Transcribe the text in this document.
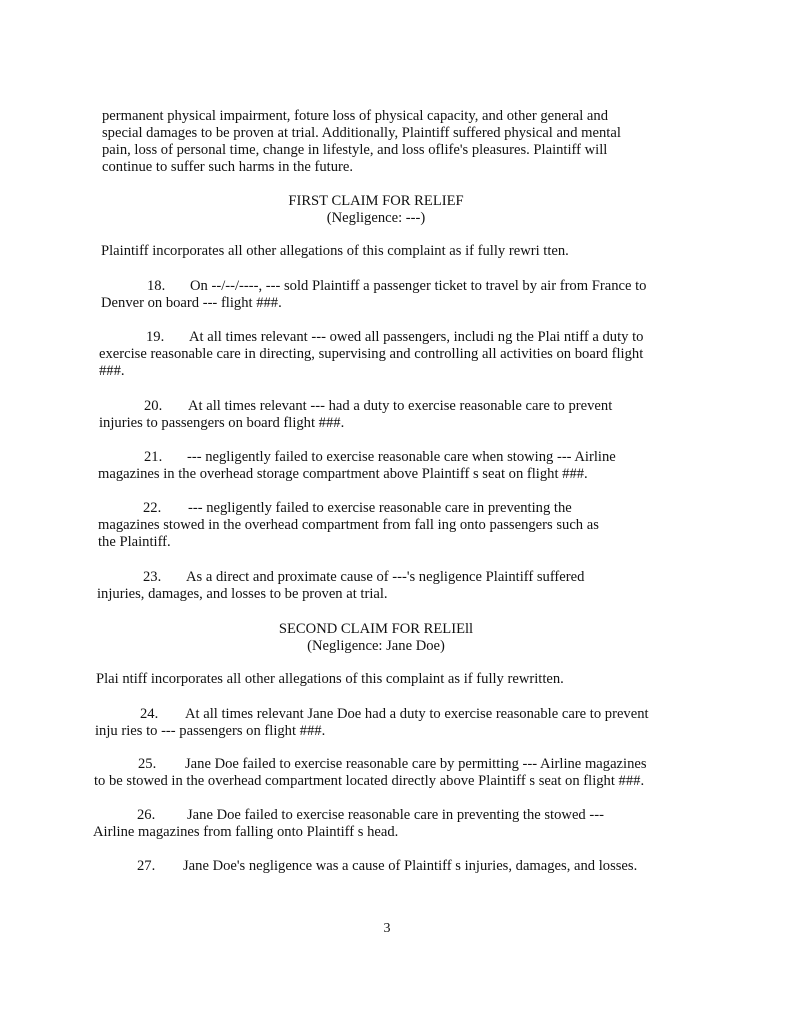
permanent physical impairment, foture loss of physical capacity, and other general and
special damages to be proven at trial. Additionally, Plaintiff suffered physical and mental
pain, loss of personal time, change in lifestyle, and loss oflife's pleasures. Plaintiff will
continue to suffer such harms in the future.
FIRST CLAIM FOR RELIEF
(Negligence: ---)
Plaintiff incorporates all other allegations of this complaint as if fully rewri tten.
18. On --/--/----, --- sold Plaintiff a passenger ticket to travel by air from France to
Denver on board --- flight ###.
19. At all times relevant --- owed all passengers, includi ng the Plai ntiff a duty to
exercise reasonable care in directing, supervising and controlling all activities on board flight
###.
20. At all times relevant --- had a duty to exercise reasonable care to prevent
injuries to passengers on board flight ###.
21. --- negligently failed to exercise reasonable care when stowing --- Airline
magazines in the overhead storage compartment above Plaintiff s seat on flight ###.
22. --- negligently failed to exercise reasonable care in preventing the
magazines stowed in the overhead compartment from fall ing onto passengers such as
the Plaintiff.
23. As a direct and proximate cause of ---'s negligence Plaintiff suffered
injuries, damages, and losses to be proven at trial.
SECOND CLAIM FOR RELIEll
(Negligence: Jane Doe)
Plai ntiff incorporates all other allegations of this complaint as if fully rewritten.
24. At all times relevant Jane Doe had a duty to exercise reasonable care to prevent
inju ries to --- passengers on flight ###.
25. Jane Doe failed to exercise reasonable care by permitting --- Airline magazines
to be stowed in the overhead compartment located directly above Plaintiff s seat on flight ###.
26. Jane Doe failed to exercise reasonable care in preventing the stowed ---
Airline magazines from falling onto Plaintiff s head.
27. Jane Doe's negligence was a cause of Plaintiff s injuries, damages, and losses.
3
